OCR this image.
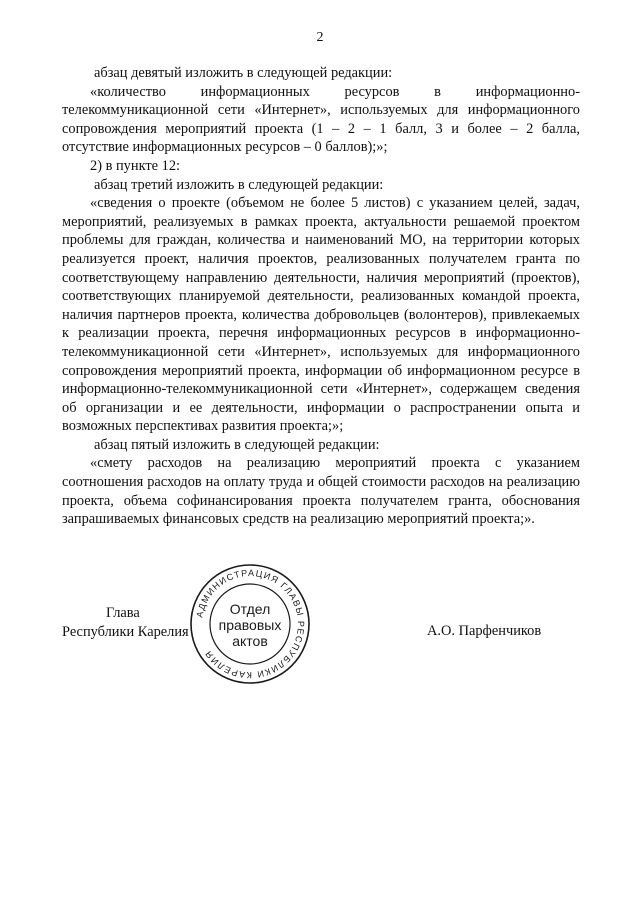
2

абзац девятый изложить в следующей редакции:

«количество информационных ресурсов в информационно-телекоммуникационной сети «Интернет», используемых для информационного сопровождения мероприятий проекта (1 – 2 – 1 балл, 3 и более – 2 балла, отсутствие информационных ресурсов – 0 баллов);»;

2) в пункте 12:

абзац третий изложить в следующей редакции:

«сведения о проекте (объемом не более 5 листов) с указанием целей, задач, мероприятий, реализуемых в рамках проекта, актуальности решаемой проектом проблемы для граждан, количества и наименований МО, на территории которых реализуется проект, наличия проектов, реализованных получателем гранта по соответствующему направлению деятельности, наличия мероприятий (проектов), соответствующих планируемой деятельности, реализованных командой проекта, наличия партнеров проекта, количества добровольцев (волонтеров), привлекаемых к реализации проекта, перечня информационных ресурсов в информационно-телекоммуникационной сети «Интернет», используемых для информационного сопровождения мероприятий проекта, информации об информационном ресурсе в информационно-телекоммуникационной сети «Интернет», содержащем сведения об организации и ее деятельности, информации о распространении опыта и возможных перспективах развития проекта;»;

абзац пятый изложить в следующей редакции:

«смету расходов на реализацию мероприятий проекта с указанием соотношения расходов на оплату труда и общей стоимости расходов на реализацию проекта, объема софинансирования проекта получателем гранта, обоснования запрашиваемых финансовых средств на реализацию мероприятий проекта;».

Глава
Республики Карелия	А.О. Парфенчиков
АДМИНИСТРАЦИЯ ГЛАВЫ РЕСПУБЛИКИ КАРЕЛИЯ
Отдел
правовых
актов
